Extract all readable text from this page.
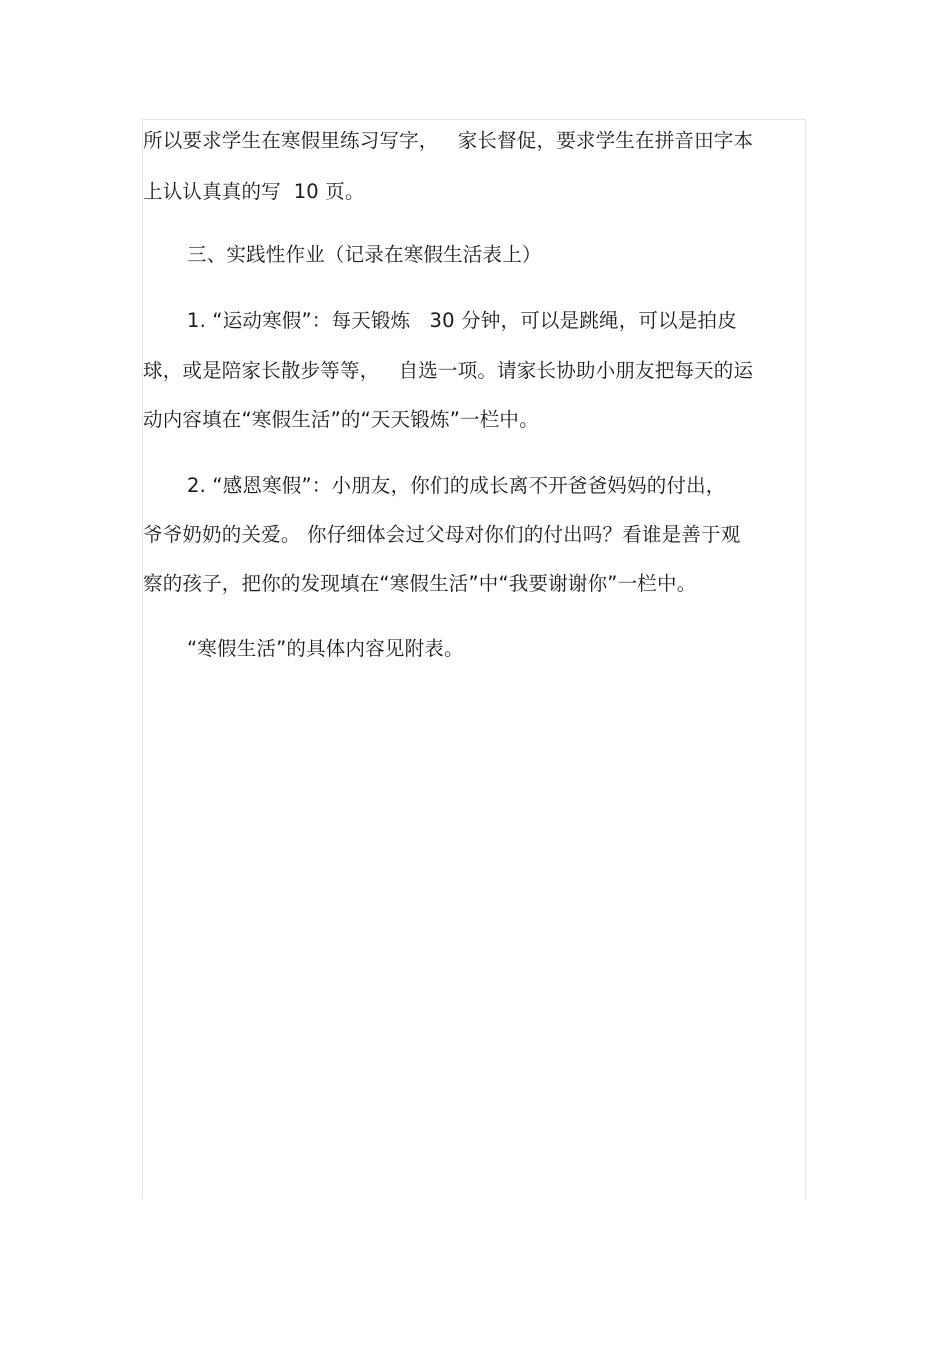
所以要求学生在寒假里练习写字，   家长督促，要求学生在拼音田字本
上认认真真的写  10 页。
三、实践性作业（记录在寒假生活表上）
1. “运动寒假”：每天锻炼   30 分钟，可以是跳绳，可以是拍皮
球，或是陪家长散步等等，   自选一项。请家长协助小朋友把每天的运
动内容填在“寒假生活”的“天天锻炼”一栏中。
2. “感恩寒假”：小朋友，你们的成长离不开爸爸妈妈的付出，
爷爷奶奶的关爱。 你仔细体会过父母对你们的付出吗？看谁是善于观
察的孩子，把你的发现填在“寒假生活”中“我要谢谢你”一栏中。
“寒假生活”的具体内容见附表。
